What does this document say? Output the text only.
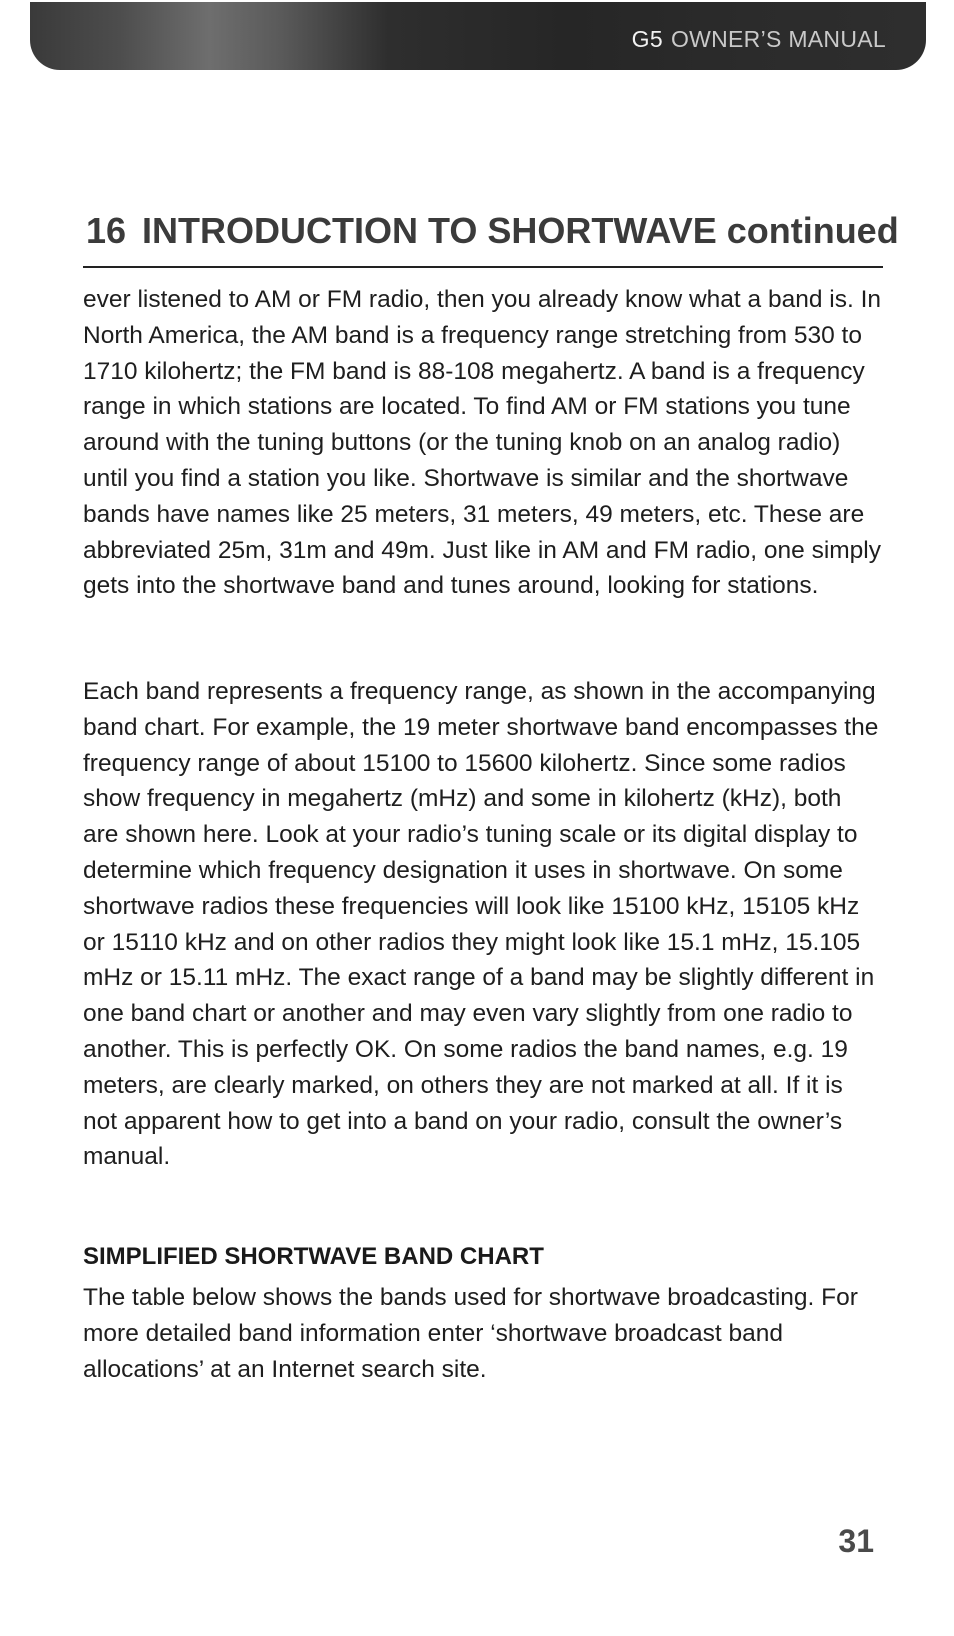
G5 OWNER’S MANUAL
16 INTRODUCTION TO SHORTWAVE continued

ever listened to AM or FM radio, then you already know what a band is. In North America, the AM band is a frequency range stretching from 530 to 1710 kilohertz; the FM band is 88-108 megahertz. A band is a frequency range in which stations are located. To find AM or FM stations you tune around with the tuning buttons (or the tuning knob on an analog radio) until you find a station you like. Shortwave is similar and the shortwave bands have names like 25 meters, 31 meters, 49 meters, etc. These are abbreviated 25m, 31m and 49m. Just like in AM and FM radio, one simply gets into the shortwave band and tunes around, looking for stations.

Each band represents a frequency range, as shown in the accompanying band chart. For example, the 19 meter shortwave band encompasses the frequency range of about 15100 to 15600 kilohertz. Since some radios show frequency in megahertz (mHz) and some in kilohertz (kHz), both are shown here. Look at your radio’s tuning scale or its digital display to determine which frequency designation it uses in shortwave. On some shortwave radios these frequencies will look like 15100 kHz, 15105 kHz or 15110 kHz and on other radios they might look like 15.1 mHz, 15.105 mHz or 15.11 mHz. The exact range of a band may be slightly different in one band chart or another and may even vary slightly from one radio to another. This is perfectly OK. On some radios the band names, e.g. 19 meters, are clearly marked, on others they are not marked at all. If it is not apparent how to get into a band on your radio, consult the owner’s manual.

SIMPLIFIED SHORTWAVE BAND CHART

The table below shows the bands used for shortwave broadcasting. For more detailed band information enter ‘shortwave broadcast band allocations’ at an Internet search site.

31
